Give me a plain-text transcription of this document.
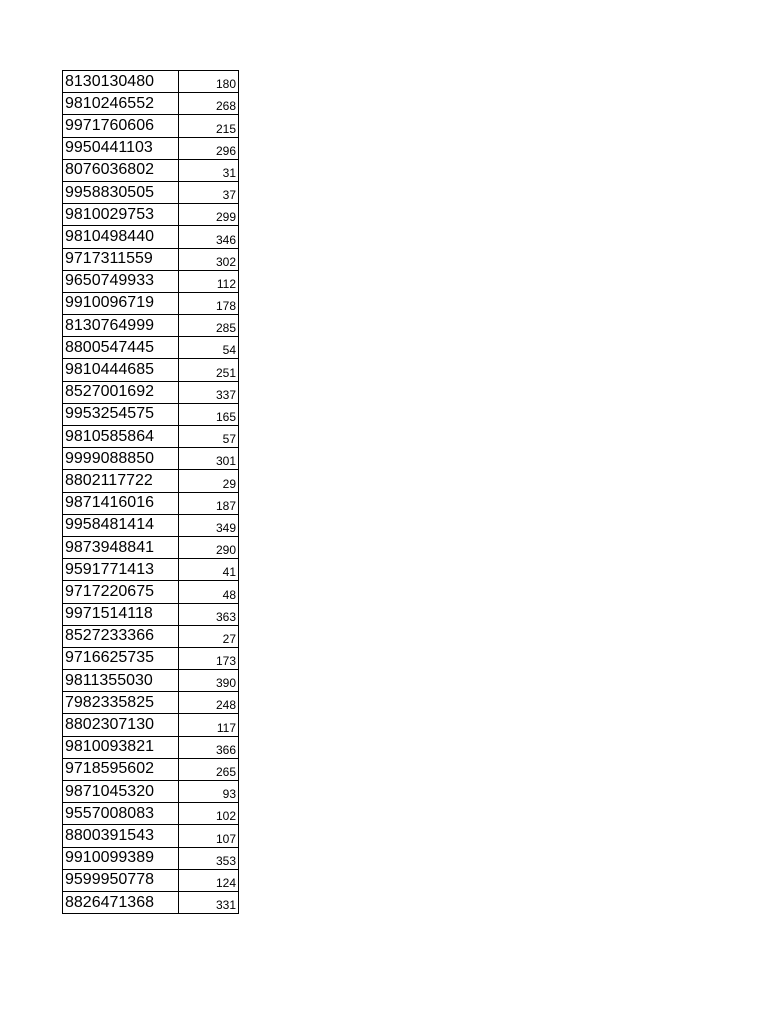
8130130480	180
9810246552	268
9971760606	215
9950441103	296
8076036802	31
9958830505	37
9810029753	299
9810498440	346
9717311559	302
9650749933	112
9910096719	178
8130764999	285
8800547445	54
9810444685	251
8527001692	337
9953254575	165
9810585864	57
9999088850	301
8802117722	29
9871416016	187
9958481414	349
9873948841	290
9591771413	41
9717220675	48
9971514118	363
8527233366	27
9716625735	173
9811355030	390
7982335825	248
8802307130	117
9810093821	366
9718595602	265
9871045320	93
9557008083	102
8800391543	107
9910099389	353
9599950778	124
8826471368	331
